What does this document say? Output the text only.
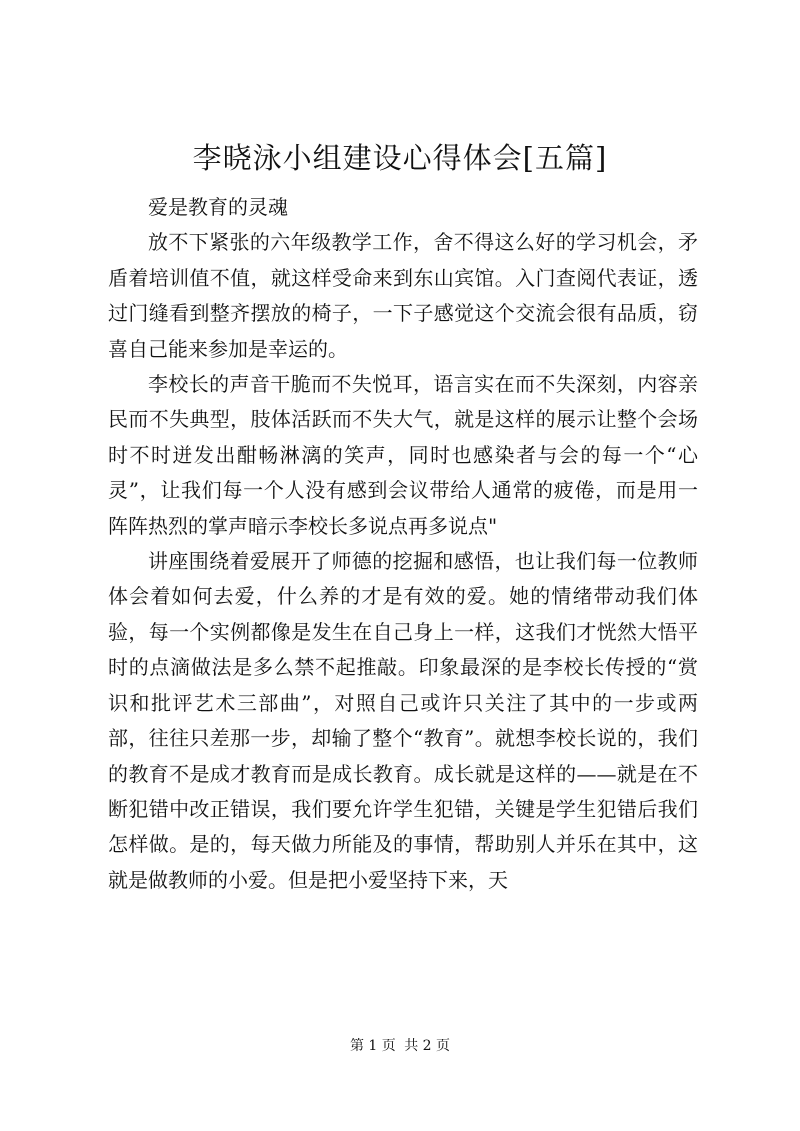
李晓泳小组建设心得体会[五篇]

爱是教育的灵魂

放不下紧张的六年级教学工作，舍不得这么好的学习机会，矛盾着培训值不值，就这样受命来到东山宾馆。入门查阅代表证，透过门缝看到整齐摆放的椅子，一下子感觉这个交流会很有品质，窃喜自己能来参加是幸运的。

李校长的声音干脆而不失悦耳，语言实在而不失深刻，内容亲民而不失典型，肢体活跃而不失大气，就是这样的展示让整个会场时不时迸发出酣畅淋漓的笑声，同时也感染者与会的每一个“心灵”，让我们每一个人没有感到会议带给人通常的疲倦，而是用一阵阵热烈的掌声暗示李校长多说点再多说点"

讲座围绕着爱展开了师德的挖掘和感悟，也让我们每一位教师体会着如何去爱，什么养的才是有效的爱。她的情绪带动我们体验，每一个实例都像是发生在自己身上一样，这我们才恍然大悟平时的点滴做法是多么禁不起推敲。印象最深的是李校长传授的“赏识和批评艺术三部曲”，对照自己或许只关注了其中的一步或两部，往往只差那一步，却输了整个“教育”。就想李校长说的，我们的教育不是成才教育而是成长教育。成长就是这样的——就是在不断犯错中改正错误，我们要允许学生犯错，关键是学生犯错后我们怎样做。是的，每天做力所能及的事情，帮助别人并乐在其中，这就是做教师的小爱。但是把小爱坚持下来，天

第 1 页 共 2 页
